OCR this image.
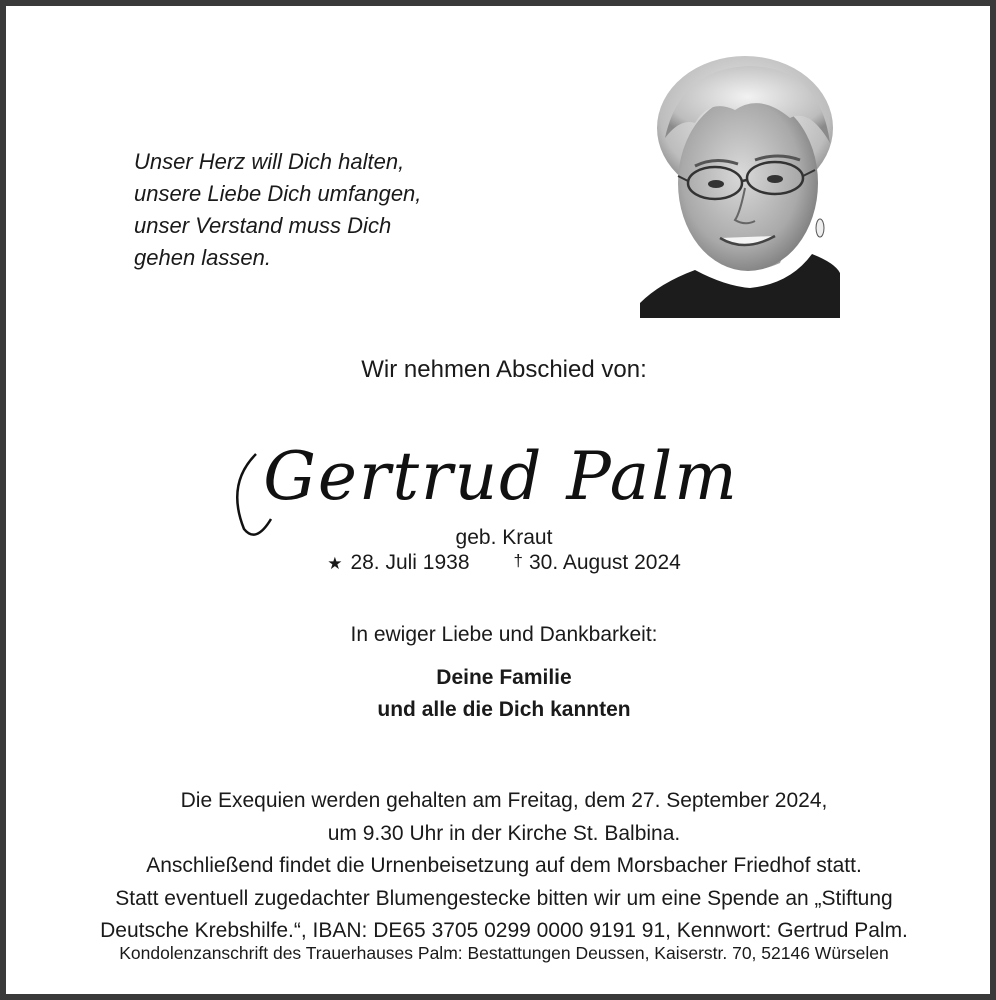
Unser Herz will Dich halten,
unsere Liebe Dich umfangen,
unser Verstand muss Dich
gehen lassen.
Wir nehmen Abschied von:
Gertrud Palm
geb. Kraut
★ 28. Juli 1938	† 30. August 2024
In ewiger Liebe und Dankbarkeit:
Deine Familie
und alle die Dich kannten
Die Exequien werden gehalten am Freitag, dem 27. September 2024,
um 9.30 Uhr in der Kirche St. Balbina.
Anschließend findet die Urnenbeisetzung auf dem Morsbacher Friedhof statt.
Statt eventuell zugedachter Blumengestecke bitten wir um eine Spende an „Stiftung
Deutsche Krebshilfe.“, IBAN: DE65 3705 0299 0000 9191 91, Kennwort: Gertrud Palm.
Kondolenzanschrift des Trauerhauses Palm: Bestattungen Deussen, Kaiserstr. 70, 52146 Würselen
